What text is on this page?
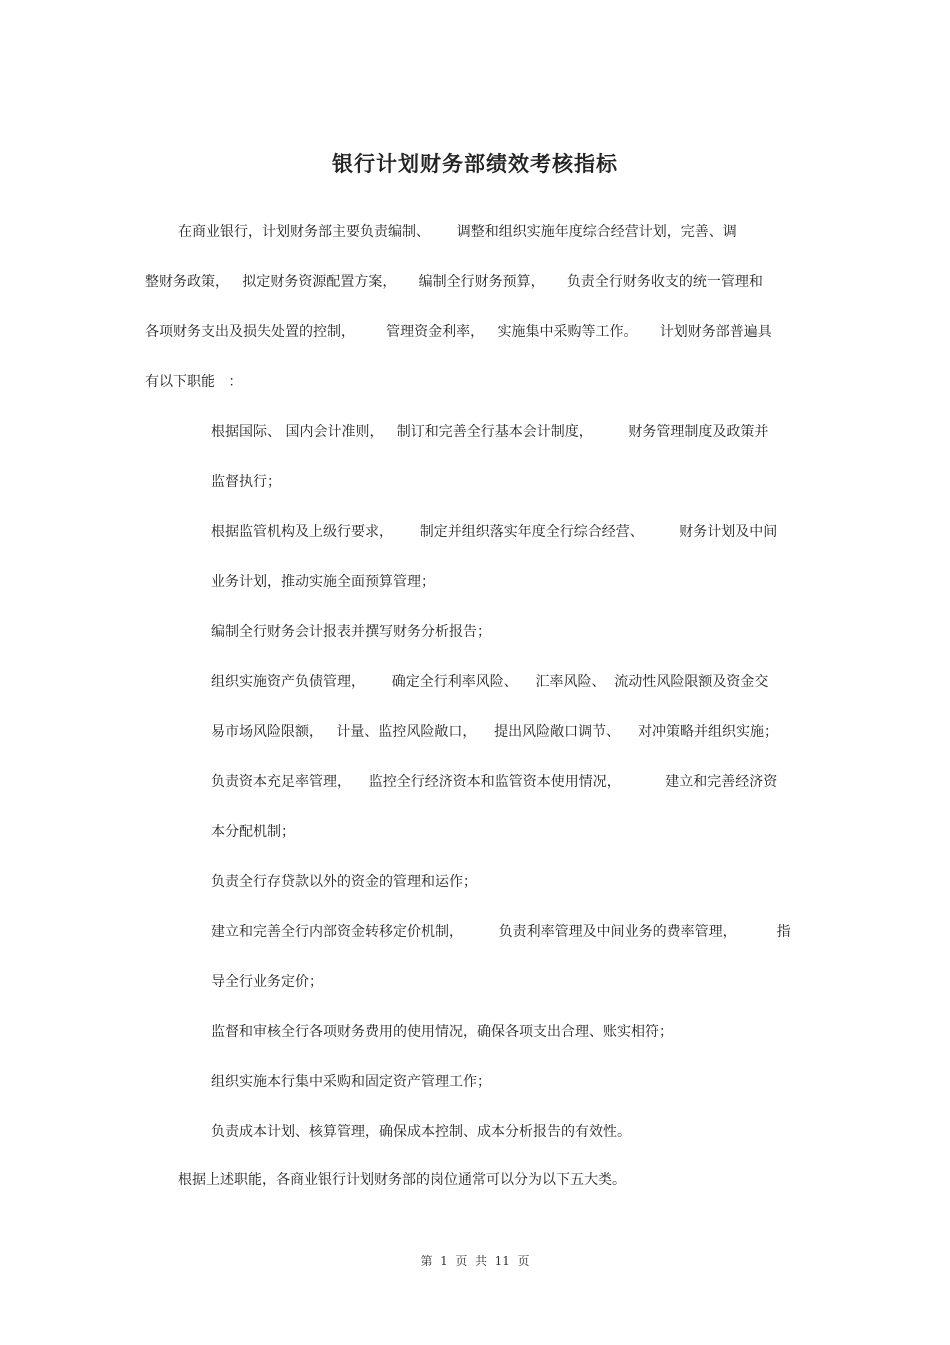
银行计划财务部绩效考核指标
在商业银行，计划财务部主要负责编制、      调整和组织实施年度综合经营计划，完善、调
整财务政策，   拟定财务资源配置方案，     编制全行财务预算，     负责全行财务收支的统一管理和
各项财务支出及损失处置的控制，       管理资金利率，   实施集中采购等工作。     计划财务部普遍具
有以下职能   ：
根据国际、 国内会计准则，   制订和完善全行基本会计制度，        财务管理制度及政策并
监督执行；
根据监管机构及上级行要求，      制定并组织落实年度全行综合经营、        财务计划及中间
业务计划，推动实施全面预算管理；
编制全行财务会计报表并撰写财务分析报告；
组织实施资产负债管理，      确定全行利率风险、    汇率风险、  流动性风险限额及资金交
易市场风险限额，   计量、监控风险敞口，    提出风险敞口调节、    对冲策略并组织实施；
负责资本充足率管理，    监控全行经济资本和监管资本使用情况，          建立和完善经济资
本分配机制；
负责全行存贷款以外的资金的管理和运作；
建立和完善全行内部资金转移定价机制，        负责利率管理及中间业务的费率管理，         指
导全行业务定价；
监督和审核全行各项财务费用的使用情况，确保各项支出合理、账实相符；
组织实施本行集中采购和固定资产管理工作；
负责成本计划、核算管理，确保成本控制、成本分析报告的有效性。
根据上述职能，各商业银行计划财务部的岗位通常可以分为以下五大类。
第  1  页  共  11  页
